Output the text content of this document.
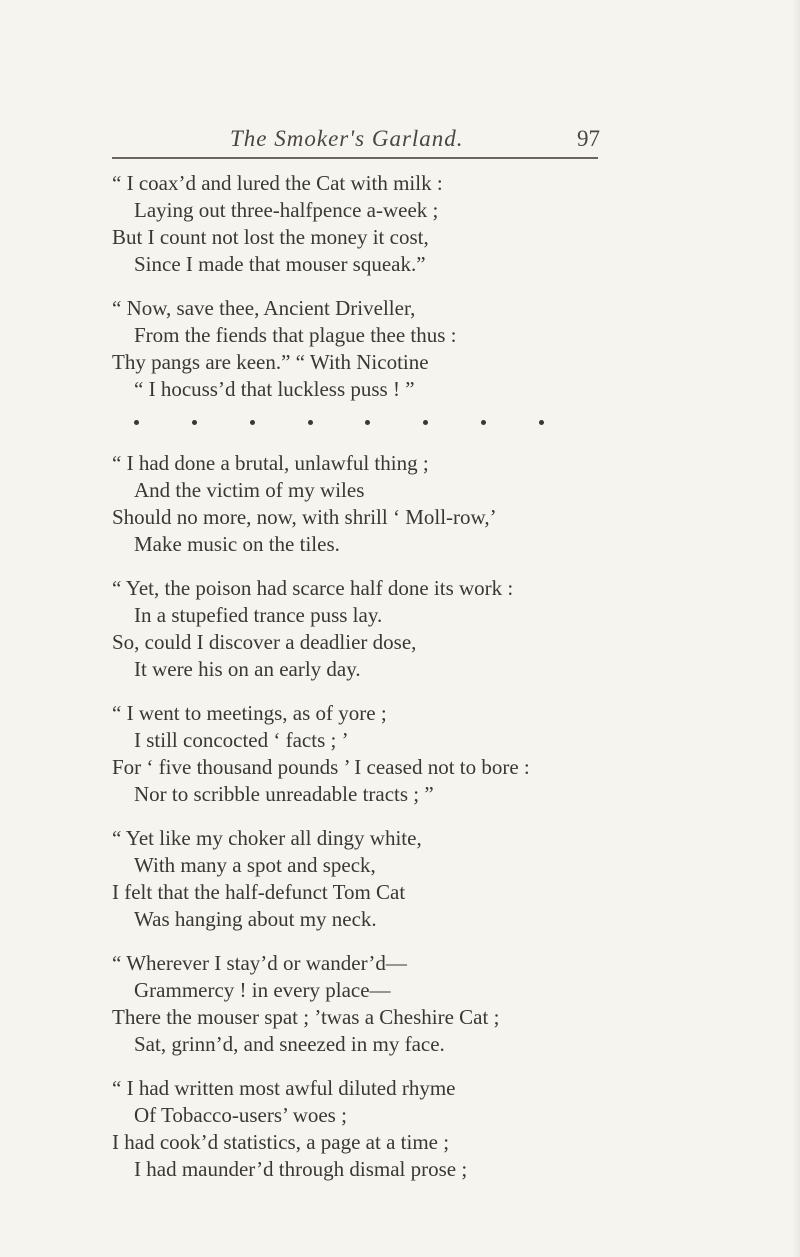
The Smoker's Garland.	97
“ I coax’d and lured the Cat with milk :
Laying out three-halfpence a-week ;
But I count not lost the money it cost,
Since I made that mouser squeak.”
“ Now, save thee, Ancient Driveller,
From the fiends that plague thee thus :
Thy pangs are keen.” “ With Nicotine
“ I hocuss’d that luckless puss ! ”
“ I had done a brutal, unlawful thing ;
And the victim of my wiles
Should no more, now, with shrill ‘ Moll-row,’
Make music on the tiles.
“ Yet, the poison had scarce half done its work :
In a stupefied trance puss lay.
So, could I discover a deadlier dose,
It were his on an early day.
“ I went to meetings, as of yore ;
I still concocted ‘ facts ; ’
For ‘ five thousand pounds ’ I ceased not to bore :
Nor to scribble unreadable tracts ; ”
“ Yet like my choker all dingy white,
With many a spot and speck,
I felt that the half-defunct Tom Cat
Was hanging about my neck.
“ Wherever I stay’d or wander’d—
Grammercy ! in every place—
There the mouser spat ; ’twas a Cheshire Cat ;
Sat, grinn’d, and sneezed in my face.
“ I had written most awful diluted rhyme
Of Tobacco-users’ woes ;
I had cook’d statistics, a page at a time ;
I had maunder’d through dismal prose ;
